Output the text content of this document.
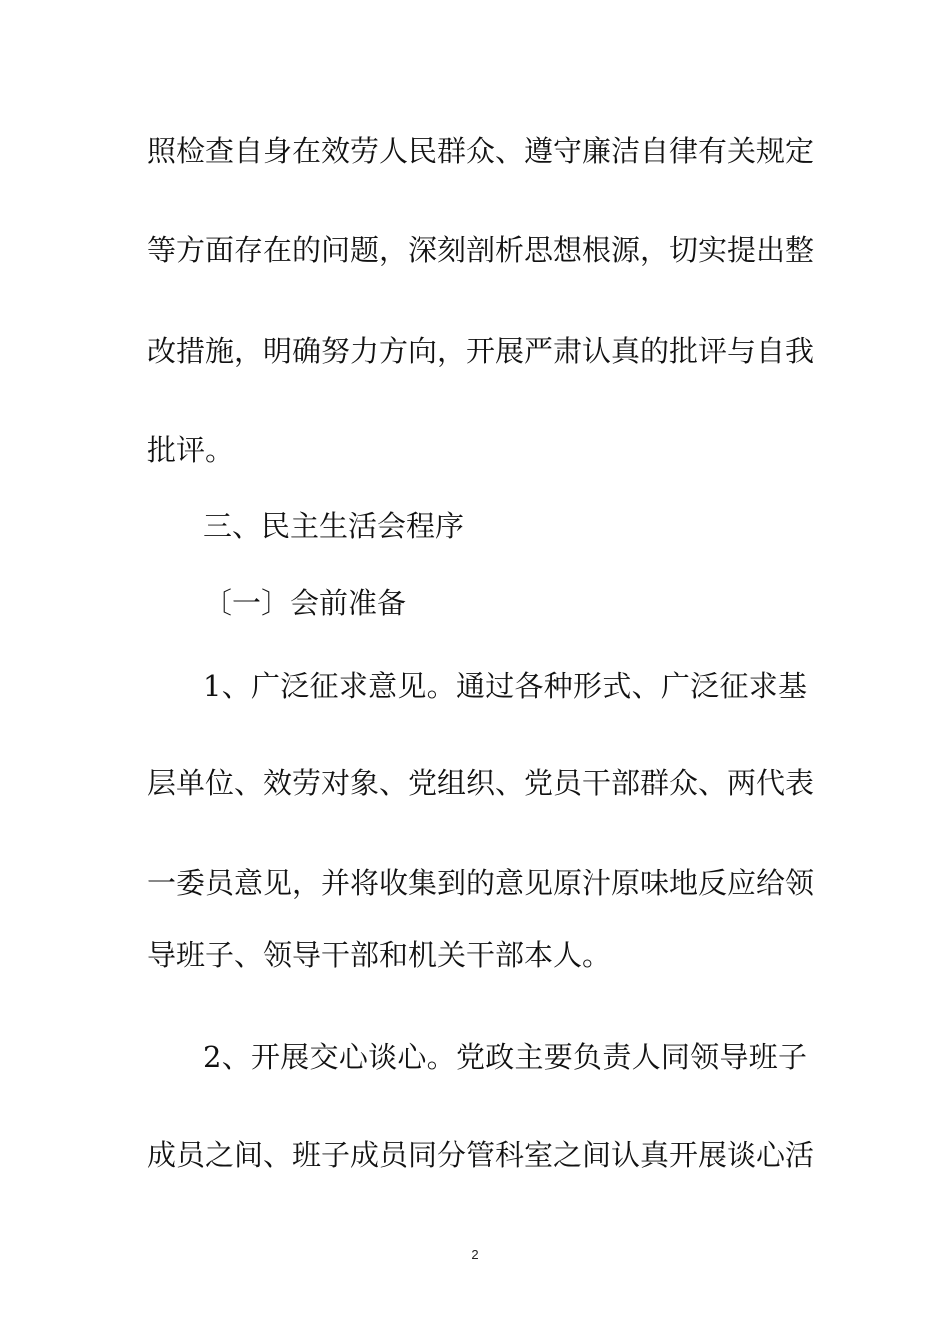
照检查自身在效劳人民群众、遵守廉洁自律有关规定
等方面存在的问题，深刻剖析思想根源，切实提出整
改措施，明确努力方向，开展严肃认真的批评与自我
批评。
三、民主生活会程序
〔一〕会前准备
1、广泛征求意见。通过各种形式、广泛征求基
层单位、效劳对象、党组织、党员干部群众、两代表
一委员意见，并将收集到的意见原汁原味地反应给领
导班子、领导干部和机关干部本人。
2、开展交心谈心。党政主要负责人同领导班子
成员之间、班子成员同分管科室之间认真开展谈心活
2
